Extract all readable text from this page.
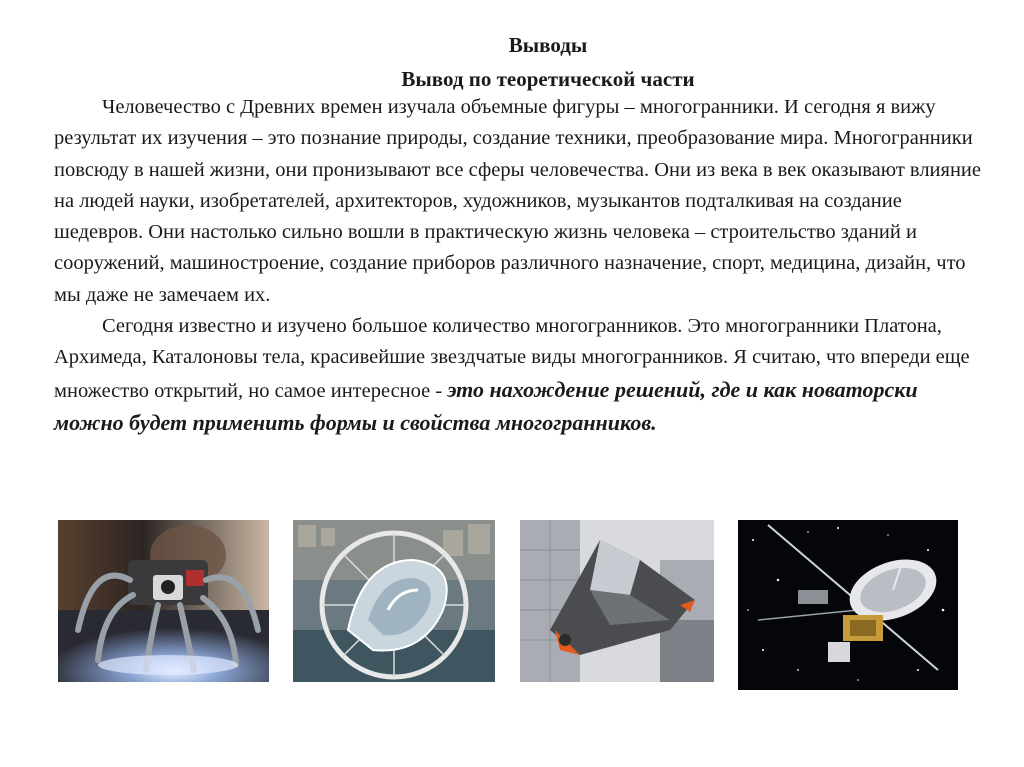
Выводы
Вывод по теоретической части

Человечество с Древних времен изучала объемные фигуры – многогранники. И сегодня я вижу результат их изучения – это познание природы, создание техники, преобразование мира. Многогранники повсюду в нашей жизни, они пронизывают все сферы человечества. Они из века в век оказывают влияние на людей науки, изобретателей, архитекторов, художников, музыкантов подталкивая на создание шедевров. Они настолько сильно вошли в практическую жизнь человека – строительство зданий и сооружений, машиностроение, создание приборов различного назначение, спорт, медицина, дизайн, что мы даже не замечаем их.

Сегодня известно и изучено большое количество многогранников. Это многогранники Платона, Архимеда, Каталоновы тела, красивейшие звездчатые виды многогранников. Я считаю, что впереди еще множество открытий, но самое интересное - это нахождение решений, где и как новаторски можно будет применить формы и свойства многогранников.
